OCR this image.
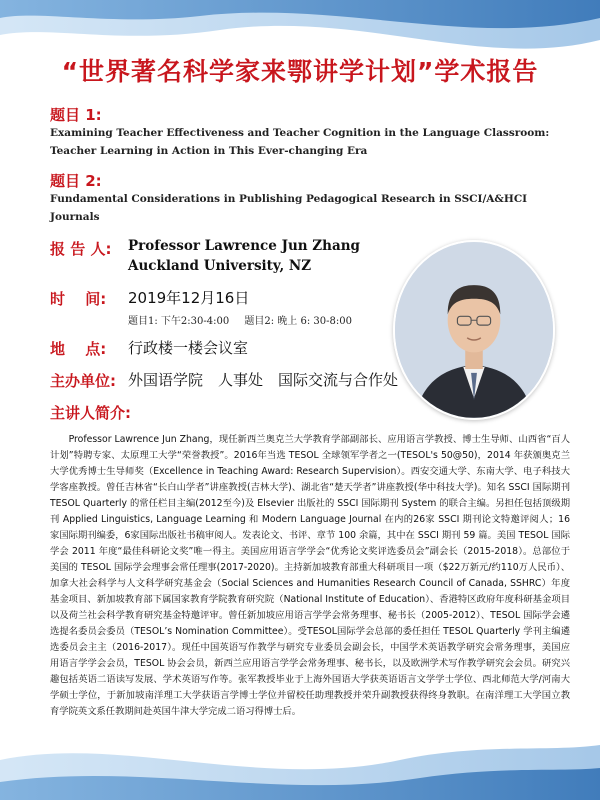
“世界著名科学家来鄂讲学计划”学术报告
题目 1:
Examining Teacher Effectiveness and Teacher Cognition in the Language Classroom:
Teacher Learning in Action in This Ever-changing Era
题目 2:
Fundamental Considerations in Publishing Pedagogical Research in SSCI/A&HCI
Journals
报 告 人: Professor Lawrence Jun Zhang
Auckland University, NZ
时　 间: 2019年12月16日
题目1: 下午2:30-4:00 题目2: 晚上 6: 30-8:00
地　 点: 行政楼一楼会议室
主办单位: 外国语学院　人事处　国际交流与合作处
主讲人简介:
Professor Lawrence Jun Zhang，现任新西兰奥克兰大学教育学部副部长、应用语言学教授、博士生导师、山西省“百人计划”特聘专家、太原理工大学“荣誉教授”。2016年当选 TESOL 全球领军学者之一(TESOL's 50@50)，2014 年获颁奥克兰大学优秀博士生导师奖（Excellence in Teaching Award: Research Supervision）。西安交通大学、东南大学、电子科技大学客座教授。曾任吉林省“长白山学者”讲座教授(吉林大学)、湖北省“楚天学者”讲座教授(华中科技大学)。知名 SSCI 国际期刊 TESOL Quarterly 的常任栏目主编(2012至今)及 Elsevier 出版社的 SSCI 国际期刊 System 的联合主编。另担任包括顶级期刊 Applied Linguistics, Language Learning 和 Modern Language Journal 在内的26家 SSCI 期刊论文特邀评阅人；16家国际期刊编委，6家国际出版社书稿审阅人。发表论文、书评、章节 100 余篇，其中在 SSCI 期刊 59 篇。美国 TESOL 国际学会 2011 年度“最佳科研论文奖”唯一得主。美国应用语言学学会“优秀论文奖评选委员会”副会长（2015-2018）。总部位于美国的 TESOL 国际学会理事会常任理事(2017-2020)。主持新加坡教育部重大科研项目一项（$22万新元/约110万人民币）、加拿大社会科学与人文科学研究基金会（Social Sciences and Humanities Research Council of Canada, SSHRC）年度基金项目、新加坡教育部下属国家教育学院教育研究院（National Institute of Education）、香港特区政府年度科研基金项目以及荷兰社会科学教育研究基金特邀评审。曾任新加坡应用语言学学会常务理事、秘书长（2005-2012）、TESOL 国际学会遴选提名委员会委员（TESOL’s Nomination Committee）。受TESOL国际学会总部的委任担任 TESOL Quarterly 学刊主编遴选委员会主主（2016-2017）。现任中国英语写作教学与研究专业委员会副会长，中国学术英语教学研究会常务理事，美国应用语言学学会会员，TESOL 协会会员，新西兰应用语言学学会常务理事、秘书长，以及欧洲学术写作教学研究会会员。研究兴趣包括英语二语读写发展、学术英语写作等。张军教授毕业于上海外国语大学获英语语言文学学士学位、西北师范大学/河南大学硕士学位，于新加坡南洋理工大学获语言学博士学位并留校任助理教授并荣升副教授获得终身教职。在南洋理工大学国立教育学院英文系任教期间赴英国牛津大学完成二语习得博士后。
